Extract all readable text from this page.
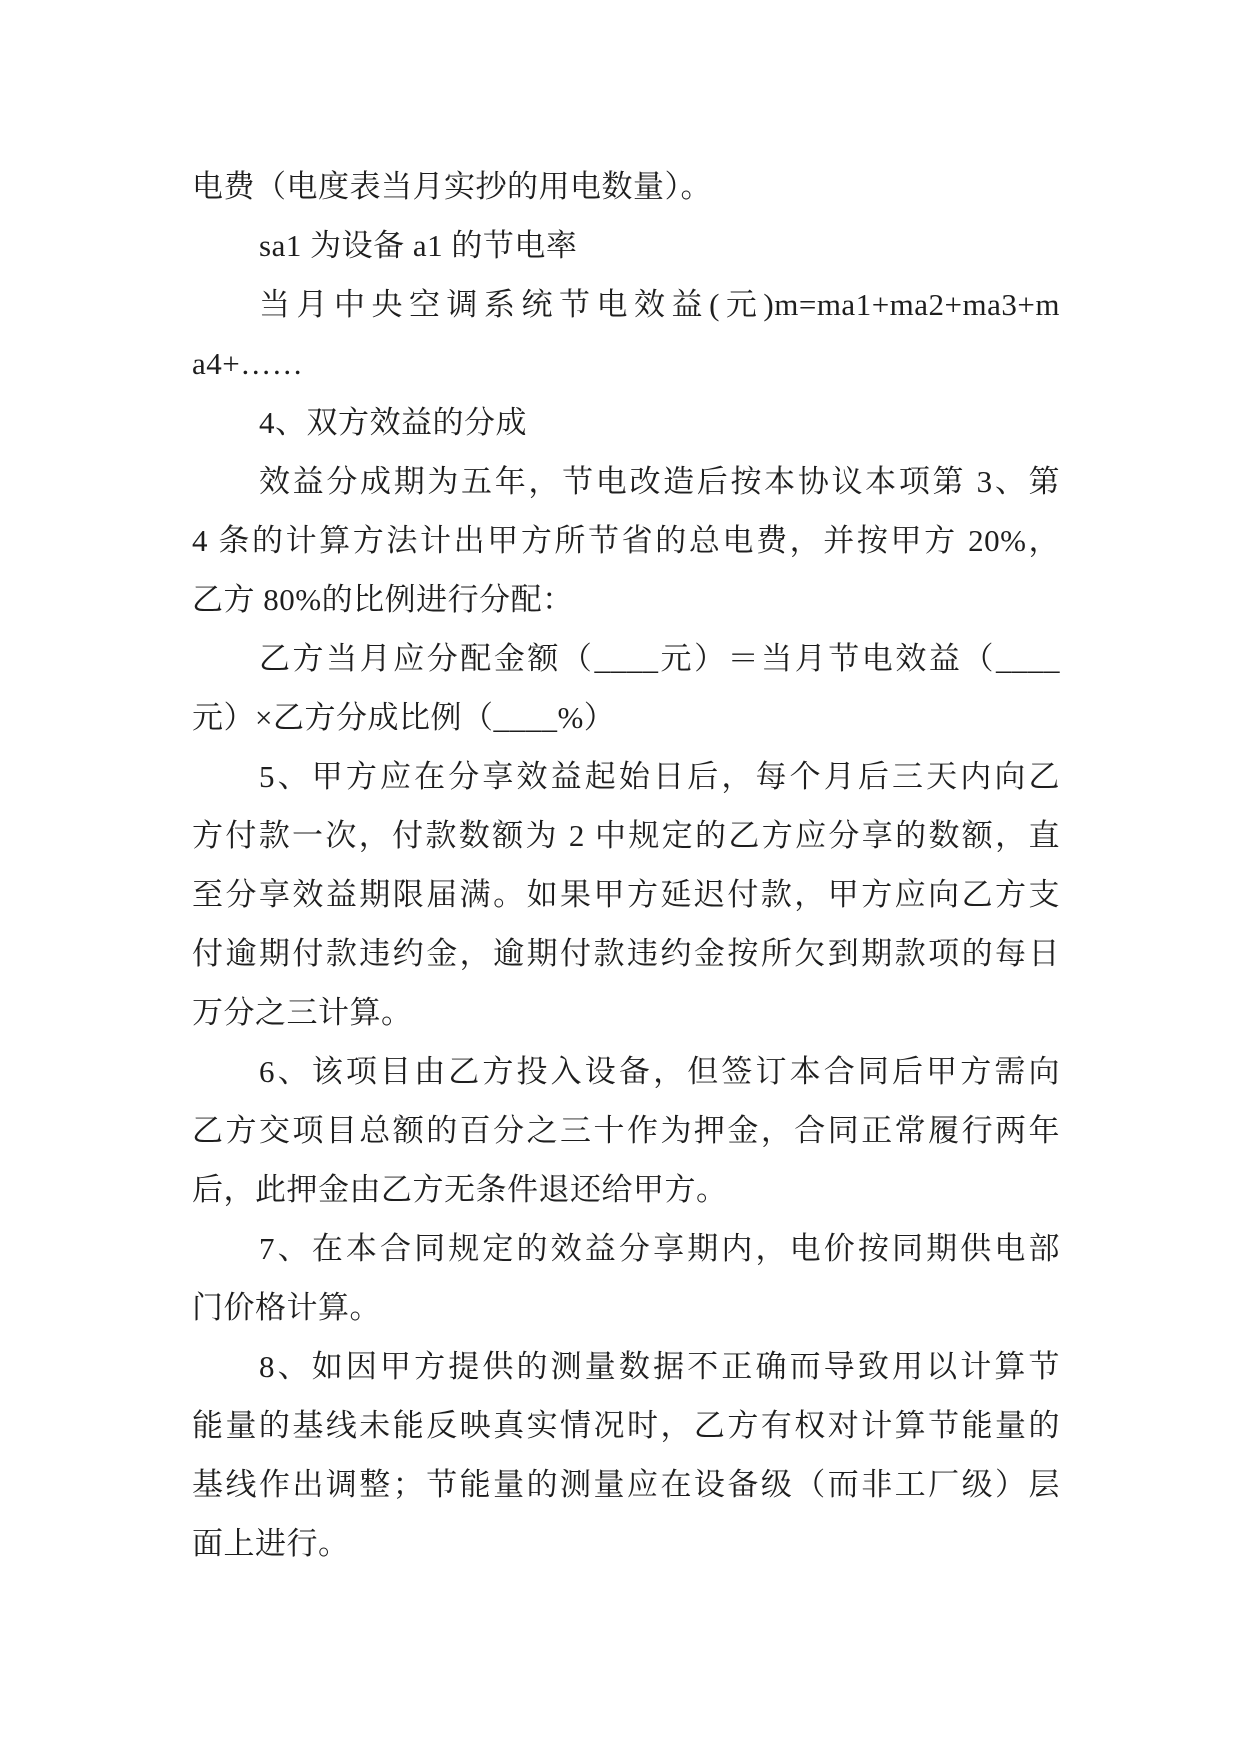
电费（电度表当月实抄的用电数量）。
sa1 为设备 a1 的节电率
当月中央空调系统节电效益(元)m=ma1+ma2+ma3+m
a4+……
4、双方效益的分成
效益分成期为五年，节电改造后按本协议本项第 3、第
4 条的计算方法计出甲方所节省的总电费，并按甲方 20%，
乙方 80%的比例进行分配：
乙方当月应分配金额（____元）＝当月节电效益（____
元）×乙方分成比例（____%）
5、甲方应在分享效益起始日后，每个月后三天内向乙
方付款一次，付款数额为 2 中规定的乙方应分享的数额，直
至分享效益期限届满。如果甲方延迟付款，甲方应向乙方支
付逾期付款违约金，逾期付款违约金按所欠到期款项的每日
万分之三计算。
6、该项目由乙方投入设备，但签订本合同后甲方需向
乙方交项目总额的百分之三十作为押金，合同正常履行两年
后，此押金由乙方无条件退还给甲方。
7、在本合同规定的效益分享期内，电价按同期供电部
门价格计算。
8、如因甲方提供的测量数据不正确而导致用以计算节
能量的基线未能反映真实情况时，乙方有权对计算节能量的
基线作出调整；节能量的测量应在设备级（而非工厂级）层
面上进行。
